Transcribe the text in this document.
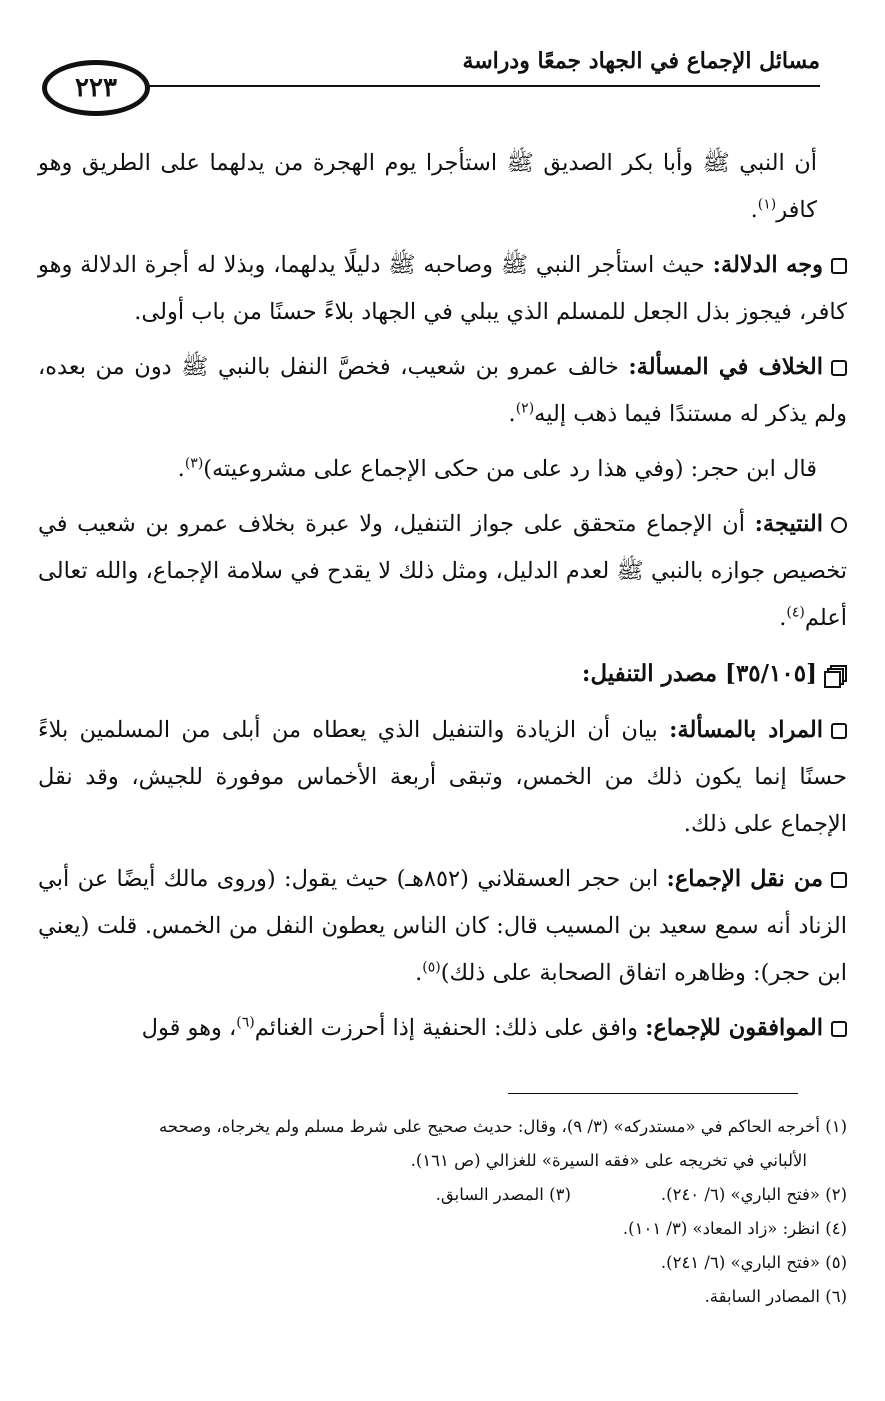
مسائل الإجماع في الجهاد جمعًا ودراسة
٢٢٣

أن النبي ﷺ وأبا بكر الصديق ﷺ استأجرا يوم الهجرة من يدلهما على الطريق وهو كافر$^{(١)}$.

وجه الدلالة: حيث استأجر النبي ﷺ وصاحبه ﷺ دليلًا يدلهما، وبذلا له أجرة الدلالة وهو كافر، فيجوز بذل الجعل للمسلم الذي يبلي في الجهاد بلاءً حسنًا من باب أولى.

الخلاف في المسألة: خالف عمرو بن شعيب، فخصَّ النفل بالنبي ﷺ دون من بعده، ولم يذكر له مستندًا فيما ذهب إليه$^{(٢)}$.

قال ابن حجر: (وفي هذا رد على من حكى الإجماع على مشروعيته)$^{(٣)}$.

النتيجة: أن الإجماع متحقق على جواز التنفيل، ولا عبرة بخلاف عمرو بن شعيب في تخصيص جوازه بالنبي ﷺ لعدم الدليل، ومثل ذلك لا يقدح في سلامة الإجماع، والله تعالى أعلم$^{(٤)}$.

[٣٥/١٠٥] مصدر التنفيل:

المراد بالمسألة: بيان أن الزيادة والتنفيل الذي يعطاه من أبلى من المسلمين بلاءً حسنًا إنما يكون ذلك من الخمس، وتبقى أربعة الأخماس موفورة للجيش، وقد نقل الإجماع على ذلك.

من نقل الإجماع: ابن حجر العسقلاني (٨٥٢هـ) حيث يقول: (وروى مالك أيضًا عن أبي الزناد أنه سمع سعيد بن المسيب قال: كان الناس يعطون النفل من الخمس. قلت (يعني ابن حجر): وظاهره اتفاق الصحابة على ذلك)$^{(٥)}$.

الموافقون للإجماع: وافق على ذلك: الحنفية إذا أحرزت الغنائم$^{(٦)}$، وهو قول

(١) أخرجه الحاكم في «مستدركه» (٣/ ٩)، وقال: حديث صحيح على شرط مسلم ولم يخرجاه، وصححه
الألباني في تخريجه على «فقه السيرة» للغزالي (ص ١٦١).
(٢) «فتح الباري» (٦/ ٢٤٠).
(٣) المصدر السابق.
(٤) انظر: «زاد المعاد» (٣/ ١٠١).
(٥) «فتح الباري» (٦/ ٢٤١).
(٦) المصادر السابقة.
